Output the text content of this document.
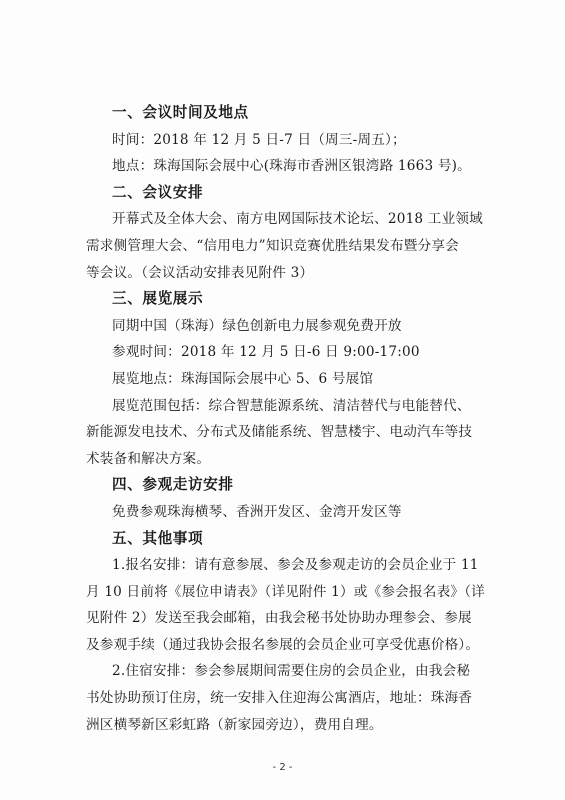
一、会议时间及地点
时间：2018 年 12 月 5 日-7 日（周三-周五）；
地点：珠海国际会展中心(珠海市香洲区银湾路 1663 号)。
二、会议安排
开幕式及全体大会、南方电网国际技术论坛、2018 工业领域
需求侧管理大会、“信用电力”知识竞赛优胜结果发布暨分享会
等会议。（会议活动安排表见附件 3）
三、展览展示
同期中国（珠海）绿色创新电力展参观免费开放
参观时间：2018 年 12 月 5 日-6 日 9:00-17:00
展览地点：珠海国际会展中心 5、6 号展馆
展览范围包括：综合智慧能源系统、清洁替代与电能替代、
新能源发电技术、分布式及储能系统、智慧楼宇、电动汽车等技
术装备和解决方案。
四、参观走访安排
免费参观珠海横琴、香洲开发区、金湾开发区等
五、其他事项
1.报名安排：请有意参展、参会及参观走访的会员企业于 11
月 10 日前将《展位申请表》（详见附件 1）或《参会报名表》（详
见附件 2）发送至我会邮箱，由我会秘书处协助办理参会、参展
及参观手续（通过我协会报名参展的会员企业可享受优惠价格）。
2.住宿安排：参会参展期间需要住房的会员企业，由我会秘
书处协助预订住房，统一安排入住迎海公寓酒店，地址：珠海香
洲区横琴新区彩虹路（新家园旁边），费用自理。
- 2 -
